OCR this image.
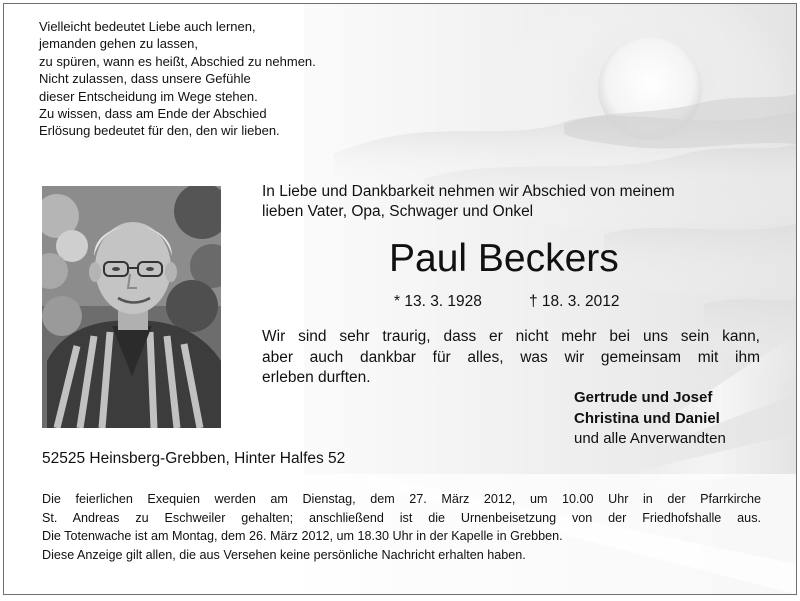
Vielleicht bedeutet Liebe auch lernen,
jemanden gehen zu lassen,
zu spüren, wann es heißt, Abschied zu nehmen.
Nicht zulassen, dass unsere Gefühle
dieser Entscheidung im Wege stehen.
Zu wissen, dass am Ende der Abschied
Erlösung bedeutet für den, den wir lieben.
In Liebe und Dankbarkeit nehmen wir Abschied von meinem
lieben Vater, Opa, Schwager und Onkel
Paul Beckers
* 13. 3. 1928	† 18. 3. 2012
Wir sind sehr traurig, dass er nicht mehr bei uns sein kann,
aber auch dankbar für alles, was wir gemeinsam mit ihm
erleben durften.
Gertrude und Josef
Christina und Daniel
und alle Anverwandten
52525 Heinsberg-Grebben, Hinter Halfes 52
Die feierlichen Exequien werden am Dienstag, dem 27. März 2012, um 10.00 Uhr in der Pfarrkirche
St. Andreas zu Eschweiler gehalten; anschließend ist die Urnenbeisetzung von der Friedhofshalle aus.
Die Totenwache ist am Montag, dem 26. März 2012, um 18.30 Uhr in der Kapelle in Grebben.
Diese Anzeige gilt allen, die aus Versehen keine persönliche Nachricht erhalten haben.
